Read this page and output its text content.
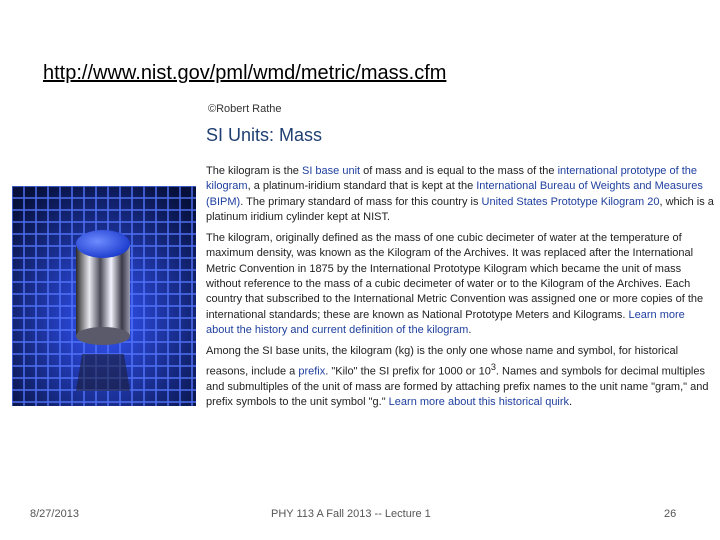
http://www.nist.gov/pml/wmd/metric/mass.cfm
©Robert Rathe
SI Units: Mass

The kilogram is the SI base unit of mass and is equal to the mass of the international prototype of the kilogram, a platinum-iridium standard that is kept at the International Bureau of Weights and Measures (BIPM). The primary standard of mass for this country is United States Prototype Kilogram 20, which is a platinum iridium cylinder kept at NIST.

The kilogram, originally defined as the mass of one cubic decimeter of water at the temperature of maximum density, was known as the Kilogram of the Archives. It was replaced after the International Metric Convention in 1875 by the International Prototype Kilogram which became the unit of mass without reference to the mass of a cubic decimeter of water or to the Kilogram of the Archives. Each country that subscribed to the International Metric Convention was assigned one or more copies of the international standards; these are known as National Prototype Meters and Kilograms. Learn more about the history and current definition of the kilogram.

Among the SI base units, the kilogram (kg) is the only one whose name and symbol, for historical reasons, include a prefix. "Kilo" the SI prefix for 1000 or $10^3$. Names and symbols for decimal multiples and submultiples of the unit of mass are formed by attaching prefix names to the unit name "gram," and prefix symbols to the unit symbol "g." Learn more about this historical quirk.

8/27/2013	PHY 113 A Fall 2013 -- Lecture 1	26
